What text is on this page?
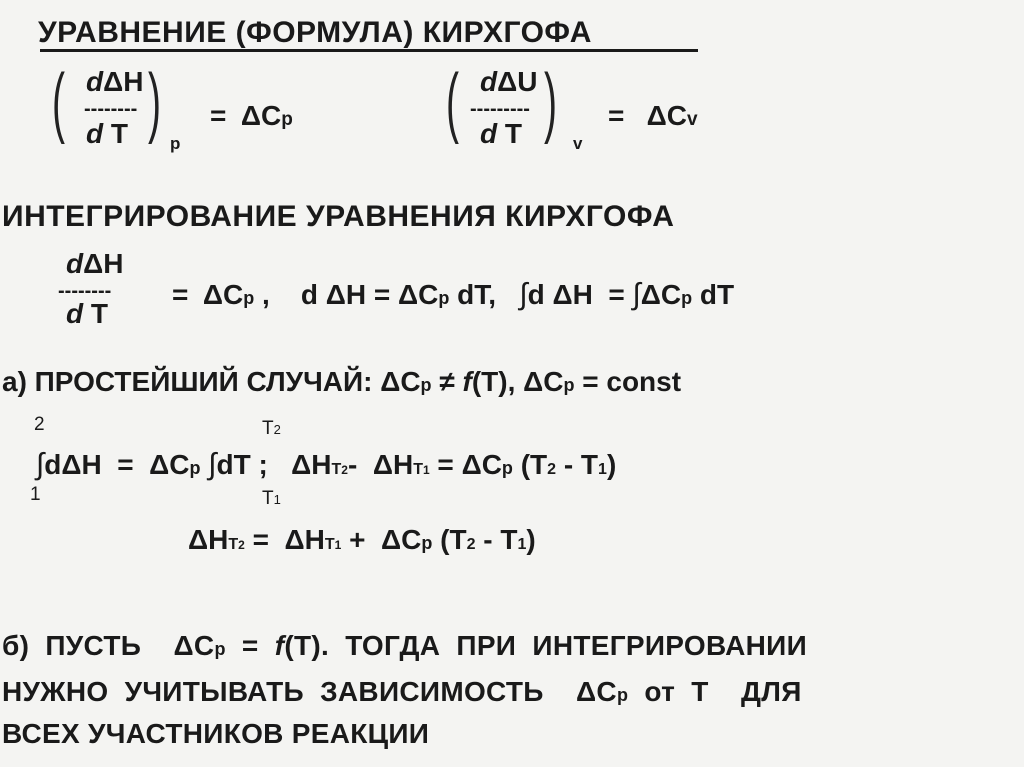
УРАВНЕНИЕ (ФОРМУЛА) КИРХГОФА
( dΔH
--------
d T ) p
=  ΔCp ( dΔU
---------
d T ) v
=   ΔCv
ИНТЕГРИРОВАНИЕ УРАВНЕНИЯ КИРХГОФА
dΔH
--------
d T
=  ΔCp ,    d ΔH = ΔCp dT,   ∫d ΔH  = ∫ΔCp dT
а) ПРОСТЕЙШИЙ СЛУЧАЙ: ΔCp ≠ f(T), ΔCp = const
2
1
T2
T1
∫dΔH  =  ΔCp ∫dT ;   ΔHT2-  ΔHT1 = ΔCp (T2 - T1)
ΔHT2 =  ΔHT1 +  ΔCp (T2 - T1)
б)  ПУСТЬ    ΔCp  =  f(T).  ТОГДА  ПРИ  ИНТЕГРИРОВАНИИ
НУЖНО  УЧИТЫВАТЬ  ЗАВИСИМОСТЬ    ΔCp  от  T    ДЛЯ
ВСЕХ УЧАСТНИКОВ РЕАКЦИИ
